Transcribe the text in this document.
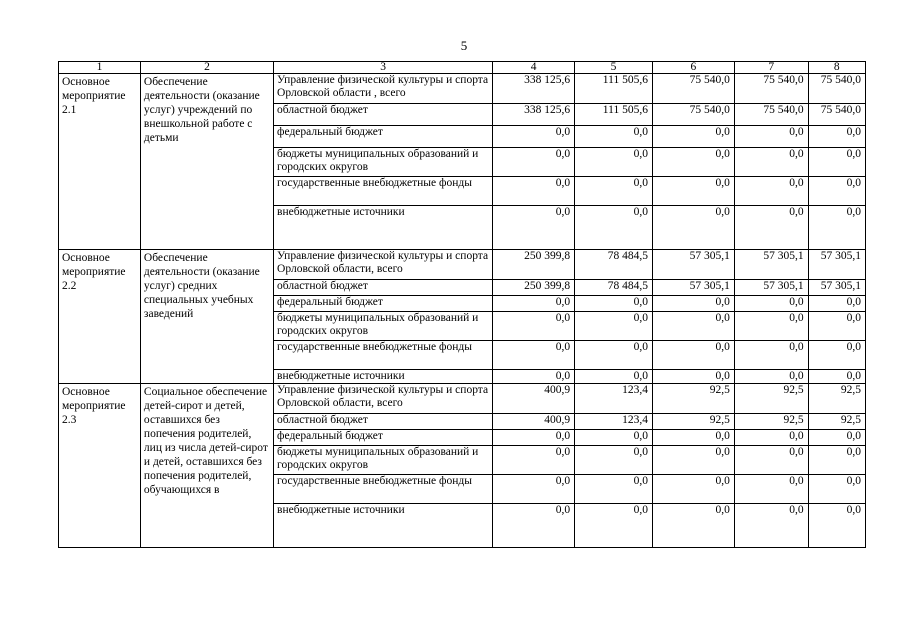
5
1	2	3	4	5	6	7	8
Основное мероприятие 2.1	Обеспечение деятельности (оказание услуг) учреждений по внешкольной работе с детьми	Управление физической культуры и спорта Орловской области , всего	338 125,6	111 505,6	75 540,0	75 540,0	75 540,0
		областной бюджет	338 125,6	111 505,6	75 540,0	75 540,0	75 540,0
		федеральный бюджет	0,0	0,0	0,0	0,0	0,0
		бюджеты муниципальных образований и городских округов	0,0	0,0	0,0	0,0	0,0
		государственные внебюджетные фонды	0,0	0,0	0,0	0,0	0,0
		внебюджетные источники	0,0	0,0	0,0	0,0	0,0
Основное мероприятие 2.2	Обеспечение деятельности (оказание услуг) средних специальных учебных заведений	Управление физической культуры и спорта Орловской области, всего	250 399,8	78 484,5	57 305,1	57 305,1	57 305,1
		областной бюджет	250 399,8	78 484,5	57 305,1	57 305,1	57 305,1
		федеральный бюджет	0,0	0,0	0,0	0,0	0,0
		бюджеты муниципальных образований и городских округов	0,0	0,0	0,0	0,0	0,0
		государственные внебюджетные фонды	0,0	0,0	0,0	0,0	0,0
		внебюджетные источники	0,0	0,0	0,0	0,0	0,0
Основное мероприятие 2.3	Социальное обеспечение детей-сирот и детей, оставшихся без попечения родителей, лиц из числа детей-сирот и детей, оставшихся без попечения родителей, обучающихся в	Управление физической культуры и спорта Орловской области, всего	400,9	123,4	92,5	92,5	92,5
		областной бюджет	400,9	123,4	92,5	92,5	92,5
		федеральный бюджет	0,0	0,0	0,0	0,0	0,0
		бюджеты муниципальных образований и городских округов	0,0	0,0	0,0	0,0	0,0
		государственные внебюджетные фонды	0,0	0,0	0,0	0,0	0,0
		внебюджетные источники	0,0	0,0	0,0	0,0	0,0
